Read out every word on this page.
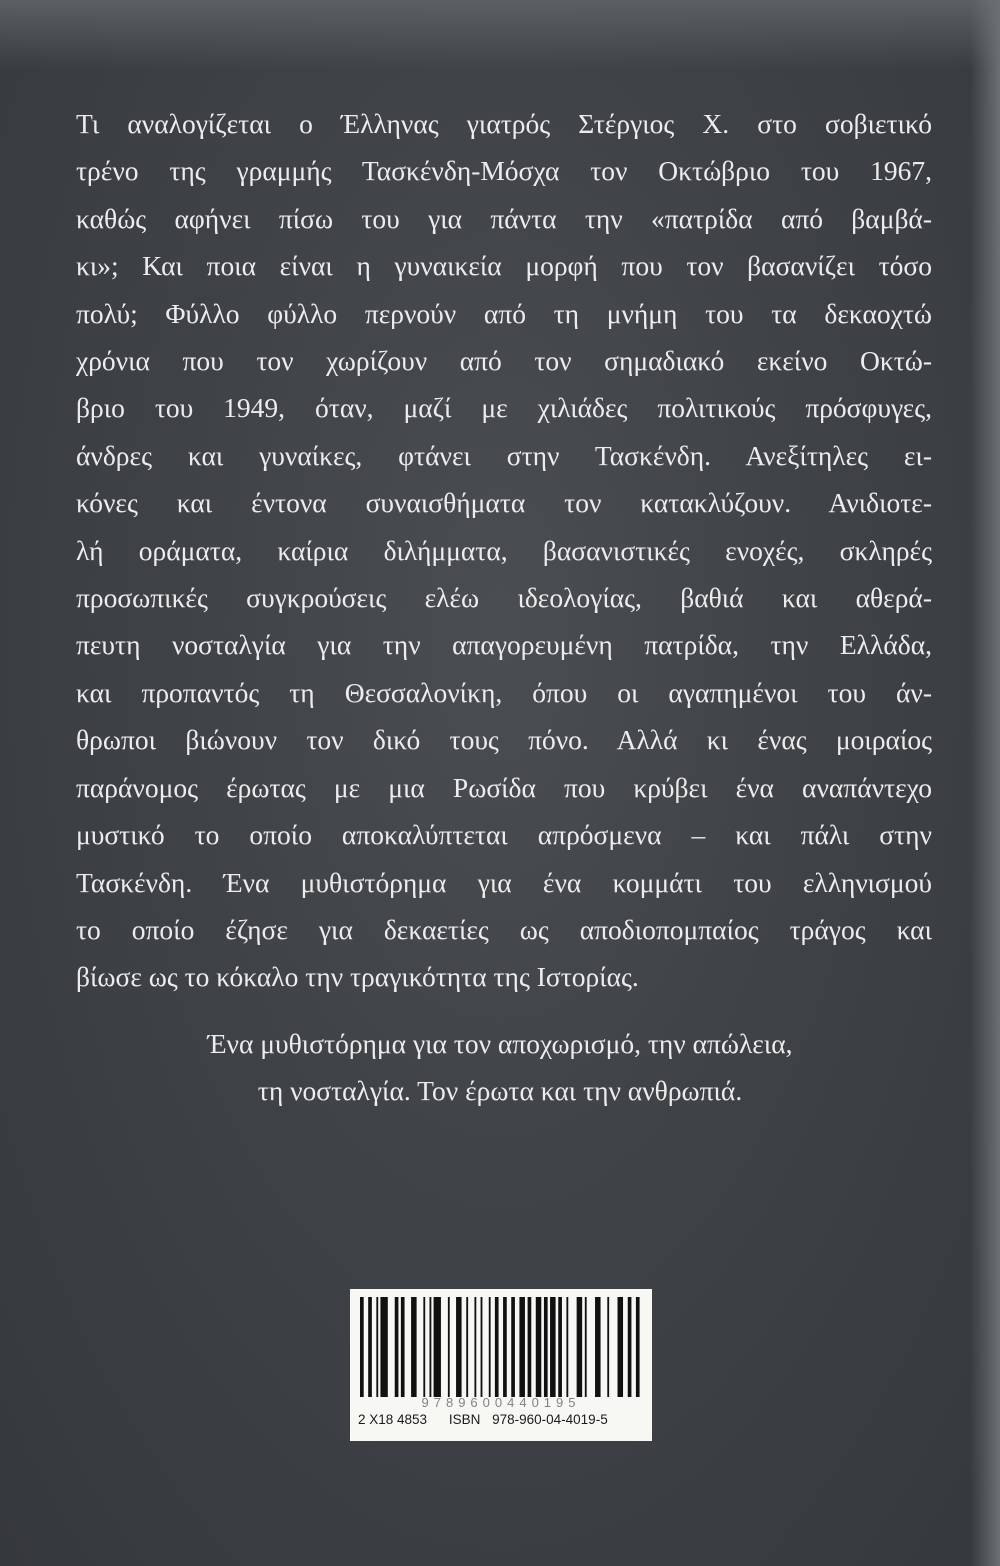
Τι αναλογίζεται ο Έλληνας γιατρός Στέργιος Χ. στο σοβιετικό
τρένο της γραμμής Τασκένδη-Μόσχα τον Οκτώβριο του 1967,
καθώς αφήνει πίσω του για πάντα την «πατρίδα από βαμβά-
κι»; Και ποια είναι η γυναικεία μορφή που τον βασανίζει τόσο
πολύ; Φύλλο φύλλο περνούν από τη μνήμη του τα δεκαοχτώ
χρόνια που τον χωρίζουν από τον σημαδιακό εκείνο Οκτώ-
βριο του 1949, όταν, μαζί με χιλιάδες πολιτικούς πρόσφυγες,
άνδρες και γυναίκες, φτάνει στην Τασκένδη. Ανεξίτηλες ει-
κόνες και έντονα συναισθήματα τον κατακλύζουν. Ανιδιοτε-
λή οράματα, καίρια διλήμματα, βασανιστικές ενοχές, σκληρές
προσωπικές συγκρούσεις ελέω ιδεολογίας, βαθιά και αθερά-
πευτη νοσταλγία για την απαγορευμένη πατρίδα, την Ελλάδα,
και προπαντός τη Θεσσαλονίκη, όπου οι αγαπημένοι του άν-
θρωποι βιώνουν τον δικό τους πόνο. Αλλά κι ένας μοιραίος
παράνομος έρωτας με μια Ρωσίδα που κρύβει ένα αναπάντεχο
μυστικό το οποίο αποκαλύπτεται απρόσμενα – και πάλι στην
Τασκένδη. Ένα μυθιστόρημα για ένα κομμάτι του ελληνισμού
το οποίο έζησε για δεκαετίες ως αποδιοπομπαίος τράγος και
βίωσε ως το κόκαλο την τραγικότητα της Ιστορίας.
Ένα μυθιστόρημα για τον αποχωρισμό, την απώλεια,
τη νοσταλγία. Τον έρωτα και την ανθρωπιά.
9789600440195
2 X18 4853 ISBN 978-960-04-4019-5
